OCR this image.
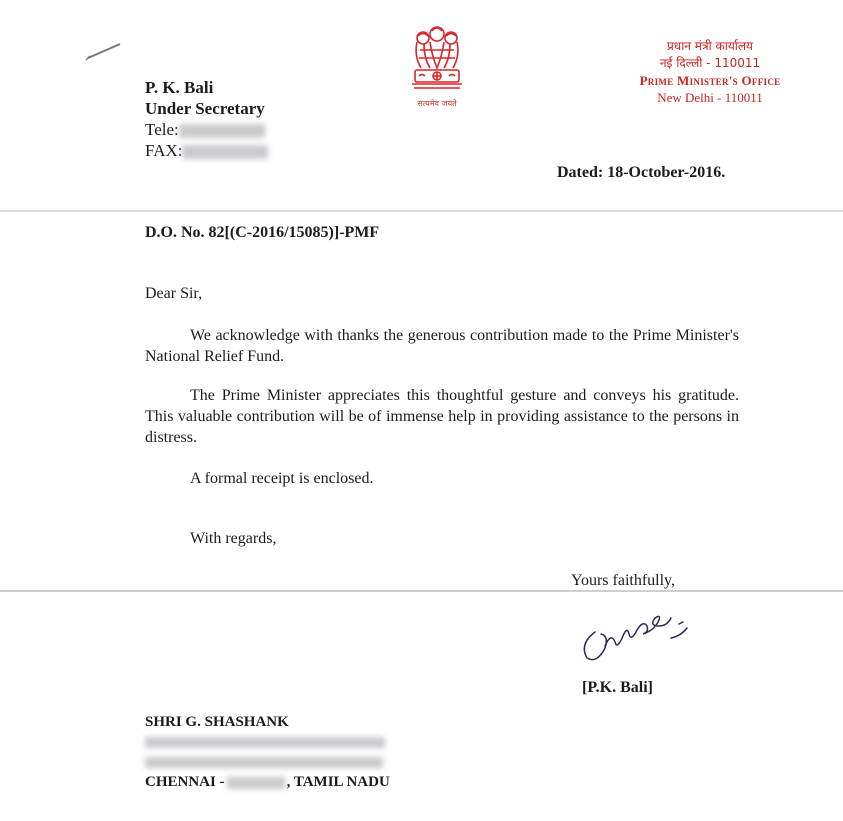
P. K. Bali
Under Secretary
Tele:
FAX:
सत्यमेव जयते
प्रधान मंत्री कार्यालय
नई दिल्ली - 110011
Prime Minister's Office
New Delhi - 110011
Dated: 18-October-2016.
D.O. No. 82[(C-2016/15085)]-PMF
Dear Sir,
We acknowledge with thanks the generous contribution made to the Prime Minister's National Relief Fund.
The Prime Minister appreciates this thoughtful gesture and conveys his gratitude. This valuable contribution will be of immense help in providing assistance to the persons in distress.
A formal receipt is enclosed.
With regards,
Yours faithfully,
[P.K. Bali]
SHRI G. SHASHANK
CHENNAI -	, TAMIL NADU
